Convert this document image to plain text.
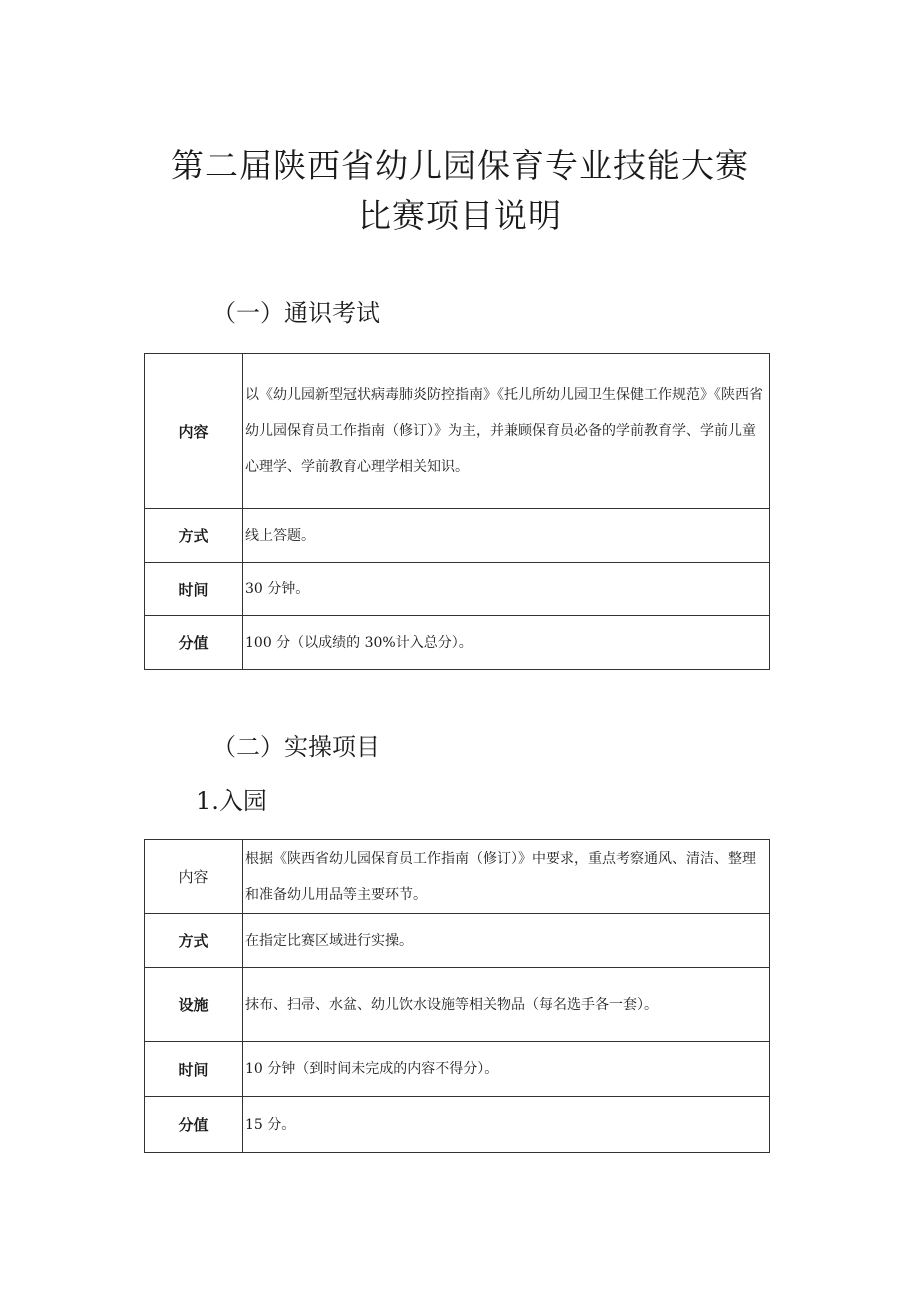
第二届陕西省幼儿园保育专业技能大赛
比赛项目说明
（一）通识考试
内容	以《幼儿园新型冠状病毒肺炎防控指南》《托儿所幼儿园卫生保健工作规范》《陕西省幼儿园保育员工作指南（修订）》为主，并兼顾保育员必备的学前教育学、学前儿童心理学、学前教育心理学相关知识。
方式	线上答题。
时间	30 分钟。
分值	100 分（以成绩的 30%计入总分）。
（二）实操项目
1.入园
内容	根据《陕西省幼儿园保育员工作指南（修订）》中要求，重点考察通风、清洁、整理和准备幼儿用品等主要环节。
方式	在指定比赛区域进行实操。
设施	抹布、扫帚、水盆、幼儿饮水设施等相关物品（每名选手各一套）。
时间	10 分钟（到时间未完成的内容不得分）。
分值	15 分。
